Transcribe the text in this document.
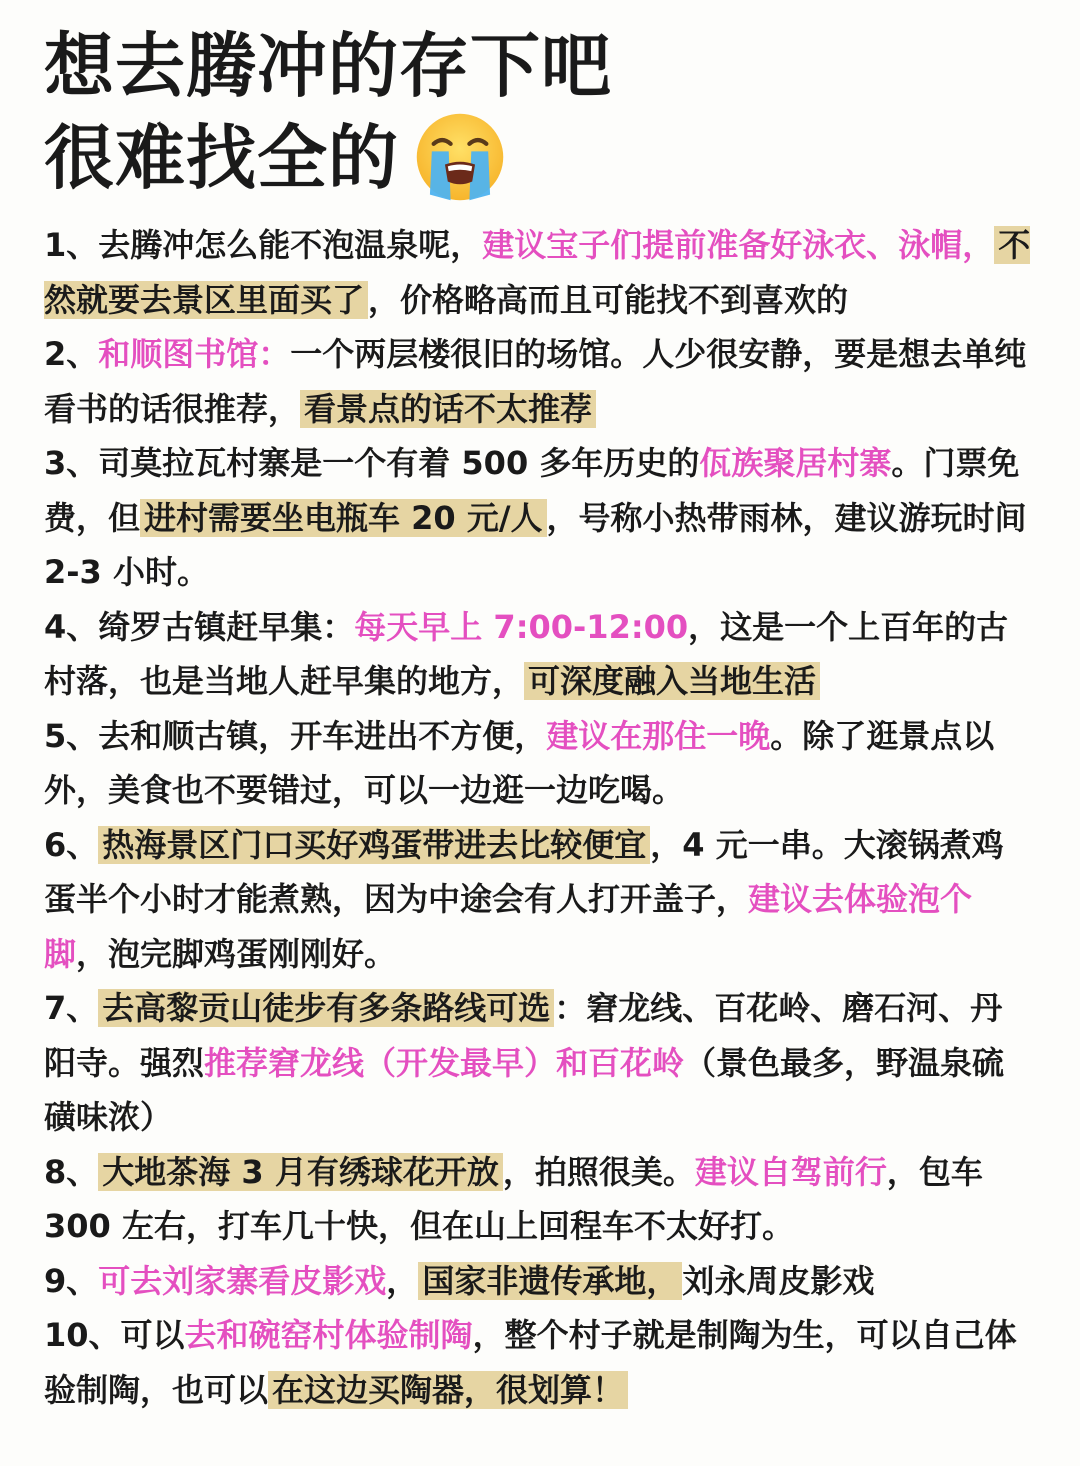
想去腾冲的存下吧
很难找全的

1、去腾冲怎么能不泡温泉呢，建议宝子们提前准备好泳衣、泳帽， 不然就要去景区里面买了 ，价格略高而且可能找不到喜欢的

2、和顺图书馆：一个两层楼很旧的场馆。人少很安静，要是想去单纯看书的话很推荐， 看景点的话不太推荐

3、司莫拉瓦村寨是一个有着 500 多年历史的佤族聚居村寨。门票免费，但 进村需要坐电瓶车 20 元/人 ，号称小热带雨林，建议游玩时间 2-3 小时。

4、绮罗古镇赶早集：每天早上 7:00-12:00，这是一个上百年的古村落，也是当地人赶早集的地方， 可深度融入当地生活

5、去和顺古镇，开车进出不方便，建议在那住一晚。除了逛景点以外，美食也不要错过，可以一边逛一边吃喝。

6、 热海景区门口买好鸡蛋带进去比较便宜 ，4 元一串。大滚锅煮鸡蛋半个小时才能煮熟，因为中途会有人打开盖子，建议去体验泡个脚，泡完脚鸡蛋刚刚好。

7、 去高黎贡山徒步有多条路线可选 ：窘龙线、百花岭、磨石河、丹阳寺。强烈推荐窘龙线（开发最早）和百花岭（景色最多，野温泉硫磺味浓）

8、 大地茶海 3 月有绣球花开放 ，拍照很美。建议自驾前行，包车 300 左右，打车几十快，但在山上回程车不太好打。

9、可去刘家寨看皮影戏， 国家非遗传承地， 刘永周皮影戏

10、可以去和碗窑村体验制陶，整个村子就是制陶为生，可以自己体验制陶，也可以 在这边买陶器，很划算！
